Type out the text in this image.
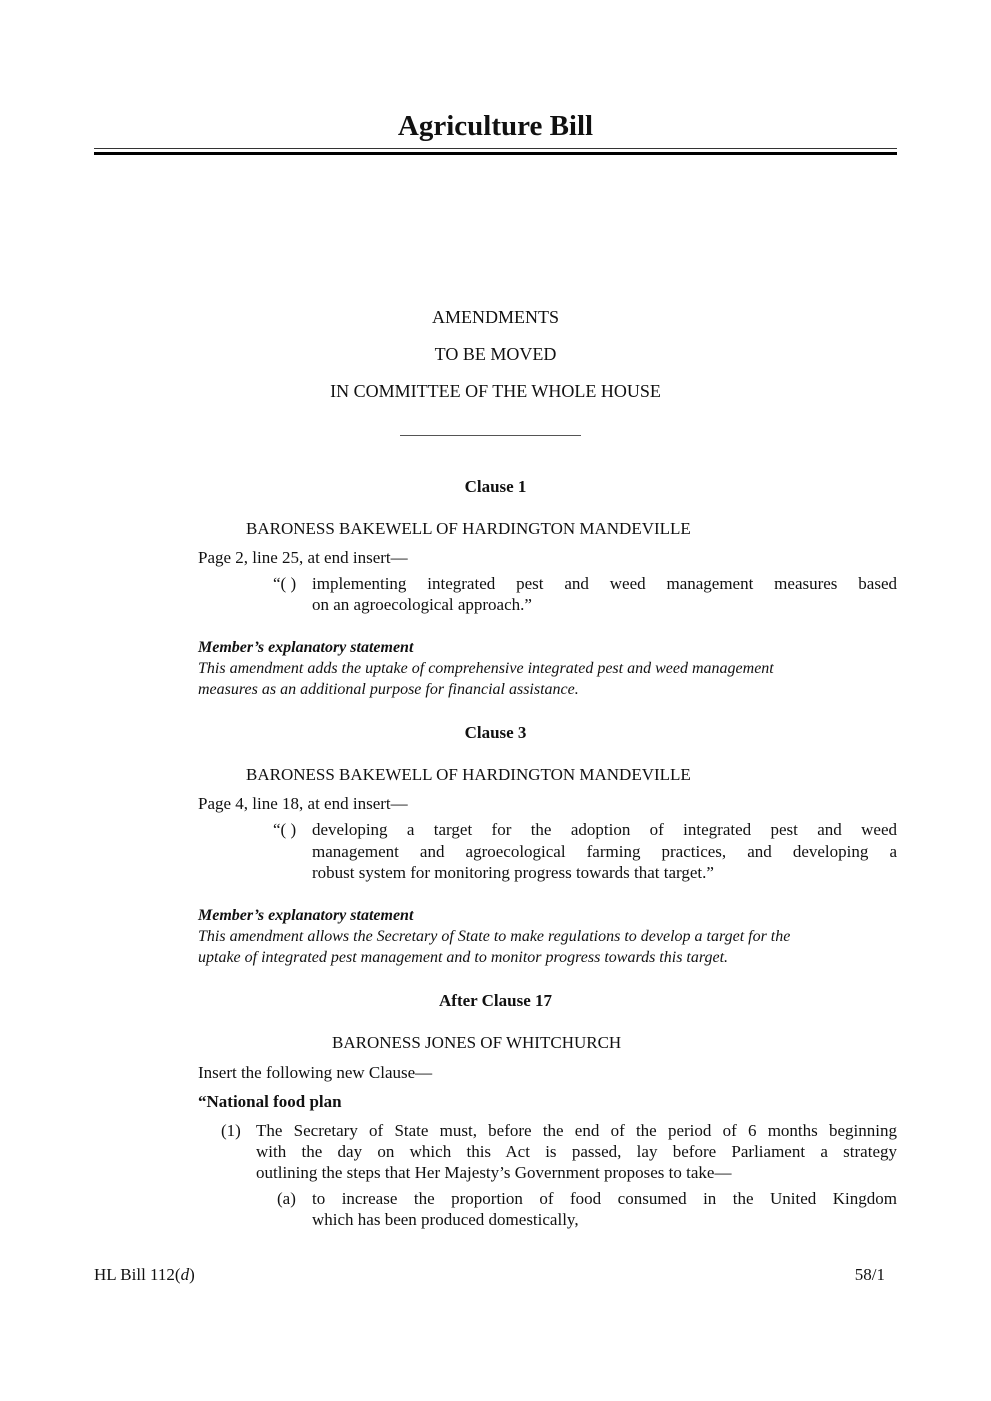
Agriculture Bill
AMENDMENTS
TO BE MOVED
IN COMMITTEE OF THE WHOLE HOUSE
Clause 1
BARONESS BAKEWELL OF HARDINGTON MANDEVILLE
Page 2, line 25, at end insert—
“( ) implementing integrated pest and weed management measures based
on an agroecological approach.”
Member’s explanatory statement
This amendment adds the uptake of comprehensive integrated pest and weed management
measures as an additional purpose for financial assistance.
Clause 3
BARONESS BAKEWELL OF HARDINGTON MANDEVILLE
Page 4, line 18, at end insert—
“( ) developing a target for the adoption of integrated pest and weed
management and agroecological farming practices, and developing a
robust system for monitoring progress towards that target.”
Member’s explanatory statement
This amendment allows the Secretary of State to make regulations to develop a target for the
uptake of integrated pest management and to monitor progress towards this target.
After Clause 17
BARONESS JONES OF WHITCHURCH
Insert the following new Clause—
“National food plan
(1) The Secretary of State must, before the end of the period of 6 months beginning
with the day on which this Act is passed, lay before Parliament a strategy
outlining the steps that Her Majesty’s Government proposes to take—
(a) to increase the proportion of food consumed in the United Kingdom
which has been produced domestically,
HL Bill 112(d)	58/1
